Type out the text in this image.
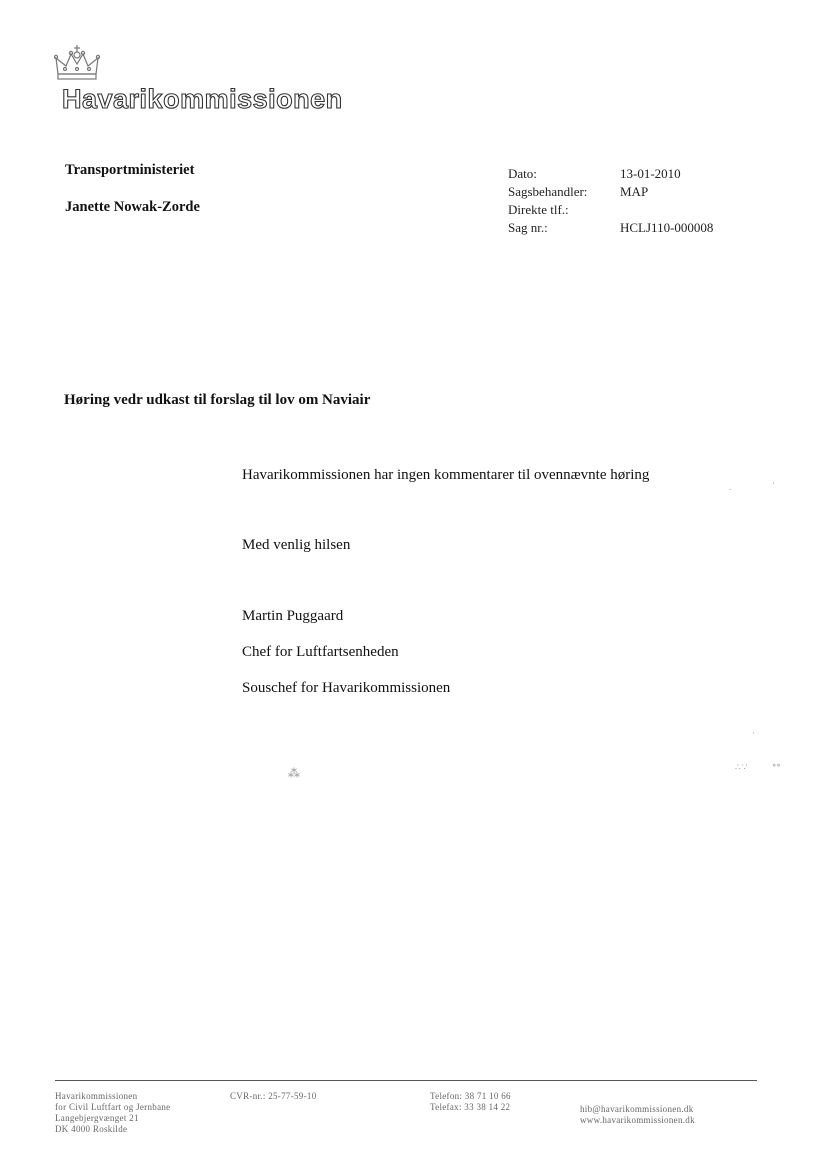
Havarikommissionen
Transportministeriet
Janette Nowak-Zorde
Dato:	13-01-2010
Sagsbehandler:	MAP
Direkte tlf.:
Sag nr.:	HCLJ110-000008
Høring vedr udkast til forslag til lov om Naviair
Havarikommissionen har ingen kommentarer til ovennævnte høring
Med venlig hilsen
Martin Puggaard
Chef for Luftfartsenheden
Souschef for Havarikommissionen
·
.
·
∴∵	∘∘
⁂
Havarikommissionen
for Civil Luftfart og Jernbane
Langebjergvænget 21
DK 4000 Roskilde
CVR-nr.: 25-77-59-10	Telefon: 38 71 10 66
Telefax: 33 38 14 22	hib@havarikommissionen.dk
www.havarikommissionen.dk
